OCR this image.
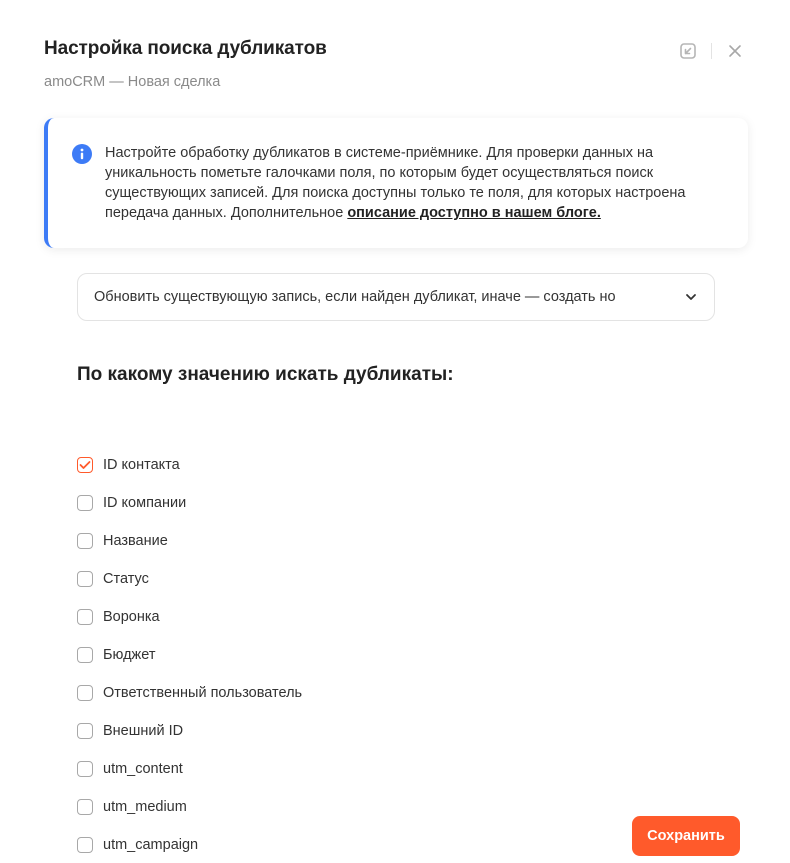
Настройка поиска дубликатов
amoCRM — Новая сделка
Настройте обработку дубликатов в системе-приёмнике. Для проверки данных на уникальность пометьте галочками поля, по которым будет осуществляться поиск существующих записей. Для поиска доступны только те поля, для которых настроена передача данных. Дополнительное описание доступно в нашем блоге.
Обновить существующую запись, если найден дубликат, иначе — создать но
По какому значению искать дубликаты:
ID контакта
ID компании
Название
Статус
Воронка
Бюджет
Ответственный пользователь
Внешний ID
utm_content
utm_medium
utm_campaign
Сохранить
